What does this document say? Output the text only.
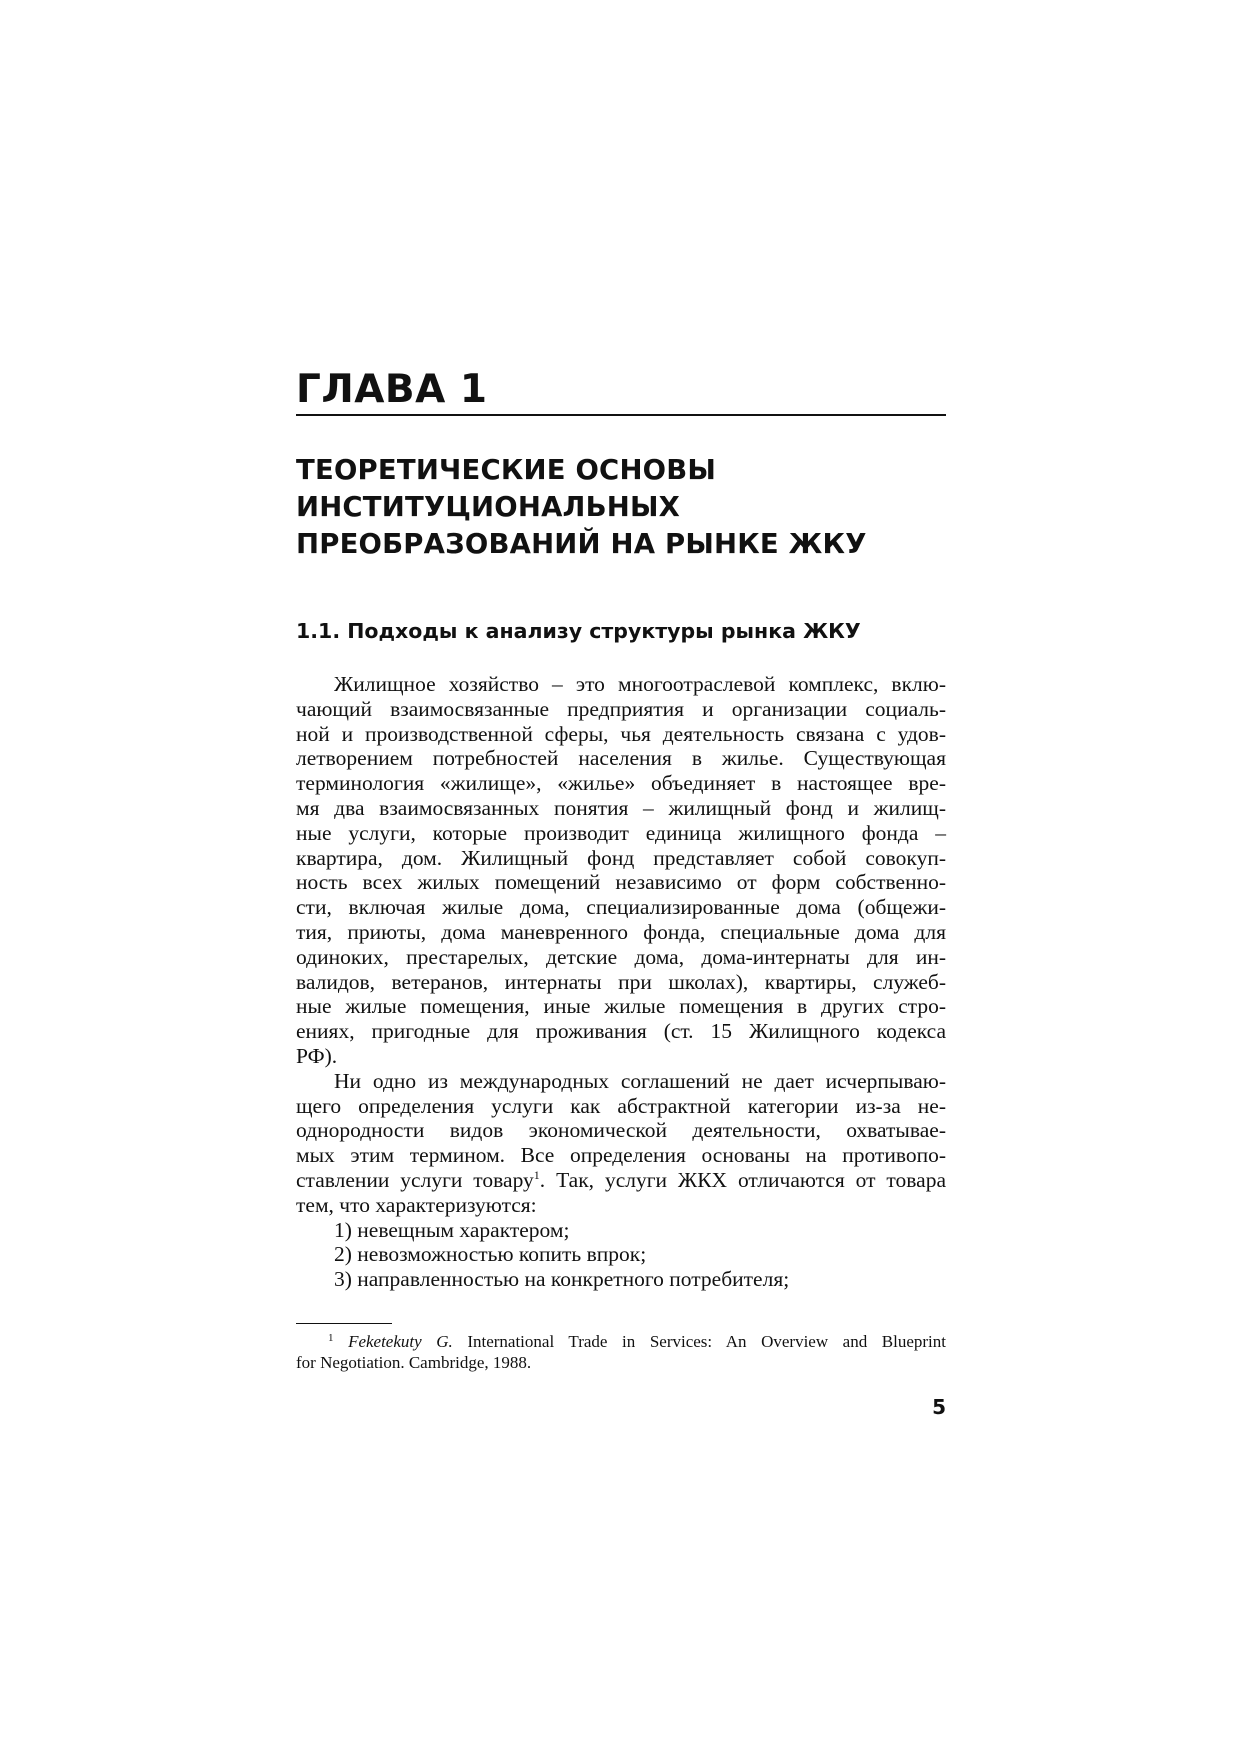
ГЛАВА 1
ТЕОРЕТИЧЕСКИЕ ОСНОВЫ
ИНСТИТУЦИОНАЛЬНЫХ
ПРЕОБРАЗОВАНИЙ НА РЫНКЕ ЖКУ
1.1. Подходы к анализу структуры рынка ЖКУ
Жилищное хозяйство – это многоотраслевой комплекс, вклю-
чающий взаимосвязанные предприятия и организации социаль-
ной и производственной сферы, чья деятельность связана с удов-
летворением потребностей населения в жилье. Существующая
терминология «жилище», «жилье» объединяет в настоящее вре-
мя два взаимосвязанных понятия – жилищный фонд и жилищ-
ные услуги, которые производит единица жилищного фонда –
квартира, дом. Жилищный фонд представляет собой совокуп-
ность всех жилых помещений независимо от форм собственно-
сти, включая жилые дома, специализированные дома (общежи-
тия, приюты, дома маневренного фонда, специальные дома для
одиноких, престарелых, детские дома, дома-интернаты для ин-
валидов, ветеранов, интернаты при школах), квартиры, служеб-
ные жилые помещения, иные жилые помещения в других стро-
ениях, пригодные для проживания (ст. 15 Жилищного кодекса
РФ).
Ни одно из международных соглашений не дает исчерпываю-
щего определения услуги как абстрактной категории из-за не-
однородности видов экономической деятельности, охватывае-
мых этим термином. Все определения основаны на противопо-
ставлении услуги товару$^1$. Так, услуги ЖКХ отличаются от товара
тем, что характеризуются:
1) невещным характером;
2) невозможностью копить впрок;
3) направленностью на конкретного потребителя;
$^1$ Feketekuty G. International Trade in Services: An Overview and Blueprint
for Negotiation. Cambridge, 1988.
5
